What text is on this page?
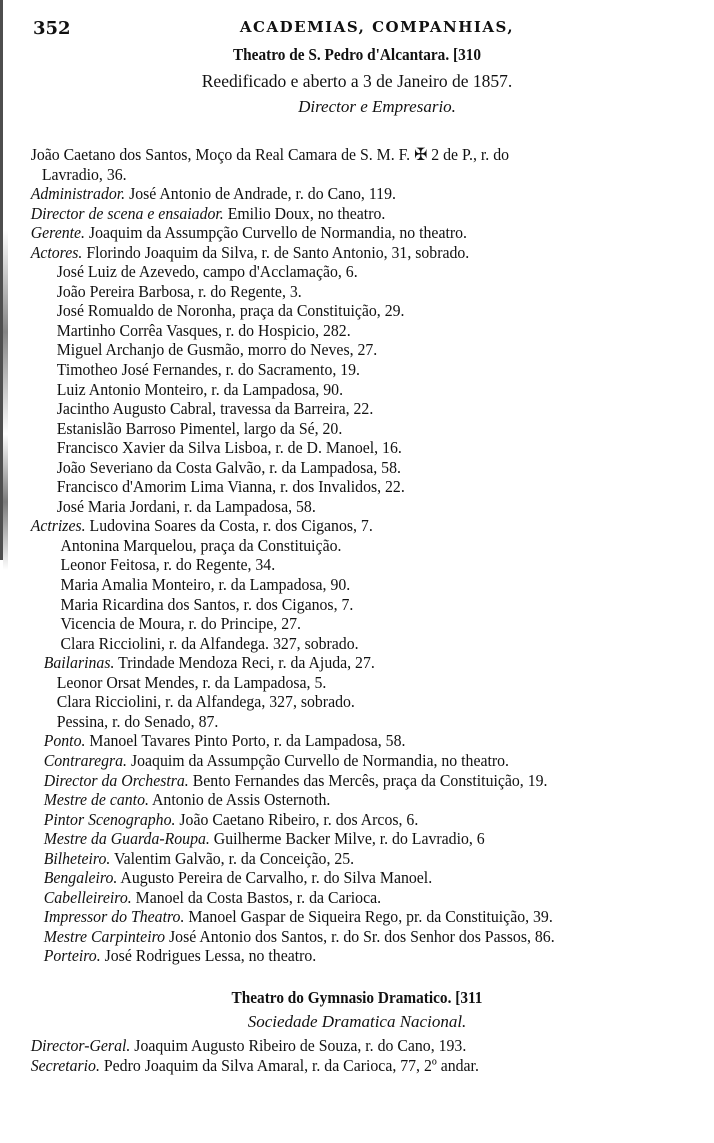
352	ACADEMIAS, COMPANHIAS,
Theatro de S. Pedro d'Alcantara. [310
Reedificado e aberto a 3 de Janeiro de 1857.
Director e Empresario.
João Caetano dos Santos, Moço da Real Camara de S. M. F. ✠ 2 de P., r. do
Lavradio, 36.
Administrador. José Antonio de Andrade, r. do Cano, 119.
Director de scena e ensaiador. Emilio Doux, no theatro.
Gerente. Joaquim da Assumpção Curvello de Normandia, no theatro.
Actores. Florindo Joaquim da Silva, r. de Santo Antonio, 31, sobrado.
José Luiz de Azevedo, campo d'Acclamação, 6.
João Pereira Barbosa, r. do Regente, 3.
José Romualdo de Noronha, praça da Constituição, 29.
Martinho Corrêa Vasques, r. do Hospicio, 282.
Miguel Archanjo de Gusmão, morro do Neves, 27.
Timotheo José Fernandes, r. do Sacramento, 19.
Luiz Antonio Monteiro, r. da Lampadosa, 90.
Jacintho Augusto Cabral, travessa da Barreira, 22.
Estanislão Barroso Pimentel, largo da Sé, 20.
Francisco Xavier da Silva Lisboa, r. de D. Manoel, 16.
João Severiano da Costa Galvão, r. da Lampadosa, 58.
Francisco d'Amorim Lima Vianna, r. dos Invalidos, 22.
José Maria Jordani, r. da Lampadosa, 58.
Actrizes. Ludovina Soares da Costa, r. dos Ciganos, 7.
Antonina Marquelou, praça da Constituição.
Leonor Feitosa, r. do Regente, 34.
Maria Amalia Monteiro, r. da Lampadosa, 90.
Maria Ricardina dos Santos, r. dos Ciganos, 7.
Vicencia de Moura, r. do Principe, 27.
Clara Ricciolini, r. da Alfandega. 327, sobrado.
Bailarinas. Trindade Mendoza Reci, r. da Ajuda, 27.
Leonor Orsat Mendes, r. da Lampadosa, 5.
Clara Ricciolini, r. da Alfandega, 327, sobrado.
Pessina, r. do Senado, 87.
Ponto. Manoel Tavares Pinto Porto, r. da Lampadosa, 58.
Contraregra. Joaquim da Assumpção Curvello de Normandia, no theatro.
Director da Orchestra. Bento Fernandes das Mercês, praça da Constituição, 19.
Mestre de canto. Antonio de Assis Osternoth.
Pintor Scenographo. João Caetano Ribeiro, r. dos Arcos, 6.
Mestre da Guarda-Roupa. Guilherme Backer Milve, r. do Lavradio, 6
Bilheteiro. Valentim Galvão, r. da Conceição, 25.
Bengaleiro. Augusto Pereira de Carvalho, r. do Silva Manoel.
Cabelleireiro. Manoel da Costa Bastos, r. da Carioca.
Impressor do Theatro. Manoel Gaspar de Siqueira Rego, pr. da Constituição, 39.
Mestre Carpinteiro José Antonio dos Santos, r. do Sr. dos Senhor dos Passos, 86.
Porteiro. José Rodrigues Lessa, no theatro.
Theatro do Gymnasio Dramatico. [311
Sociedade Dramatica Nacional.
Director-Geral. Joaquim Augusto Ribeiro de Souza, r. do Cano, 193.
Secretario. Pedro Joaquim da Silva Amaral, r. da Carioca, 77, 2º andar.
